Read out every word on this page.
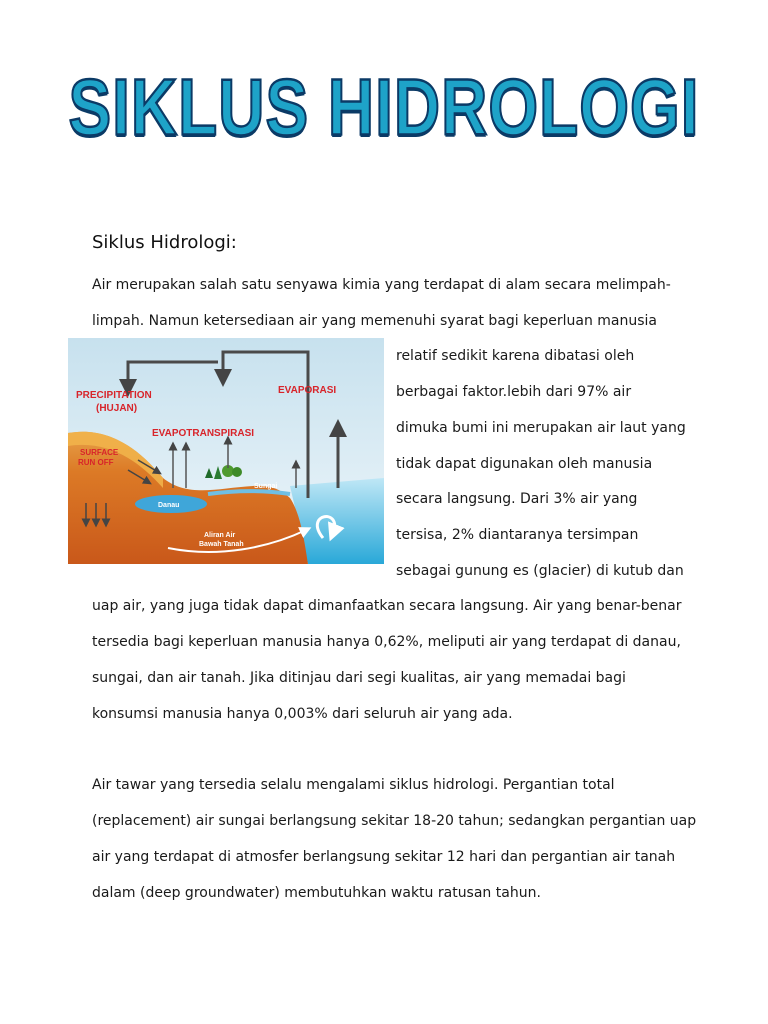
SIKLUS HIDROLOGI
Siklus Hidrologi:
Air merupakan salah satu senyawa kimia yang terdapat di alam secara melimpah-
limpah. Namun ketersediaan air yang memenuhi syarat bagi keperluan manusia
relatif sedikit karena dibatasi oleh
berbagai faktor.lebih dari 97% air
dimuka bumi ini merupakan air laut yang
tidak dapat digunakan oleh manusia
secara langsung. Dari 3% air yang
tersisa, 2% diantaranya tersimpan
sebagai gunung es (glacier) di kutub dan
uap air, yang juga tidak dapat dimanfaatkan secara langsung. Air yang benar-benar
tersedia bagi keperluan manusia hanya 0,62%, meliputi air yang terdapat di danau,
sungai, dan air tanah. Jika ditinjau dari segi kualitas, air yang memadai bagi
konsumsi manusia hanya 0,003% dari seluruh air yang ada.
Air tawar yang tersedia selalu mengalami siklus hidrologi. Pergantian total
(replacement) air sungai berlangsung sekitar 18-20 tahun; sedangkan pergantian uap
air yang terdapat di atmosfer berlangsung sekitar 12 hari dan pergantian air tanah
dalam (deep groundwater) membutuhkan waktu ratusan tahun.
PRECIPITATION
(HUJAN)
EVAPORASI
EVAPOTRANSPIRASI
SURFACE
RUN OFF
Danau
Sungai
Aliran Air
Bawah Tanah
